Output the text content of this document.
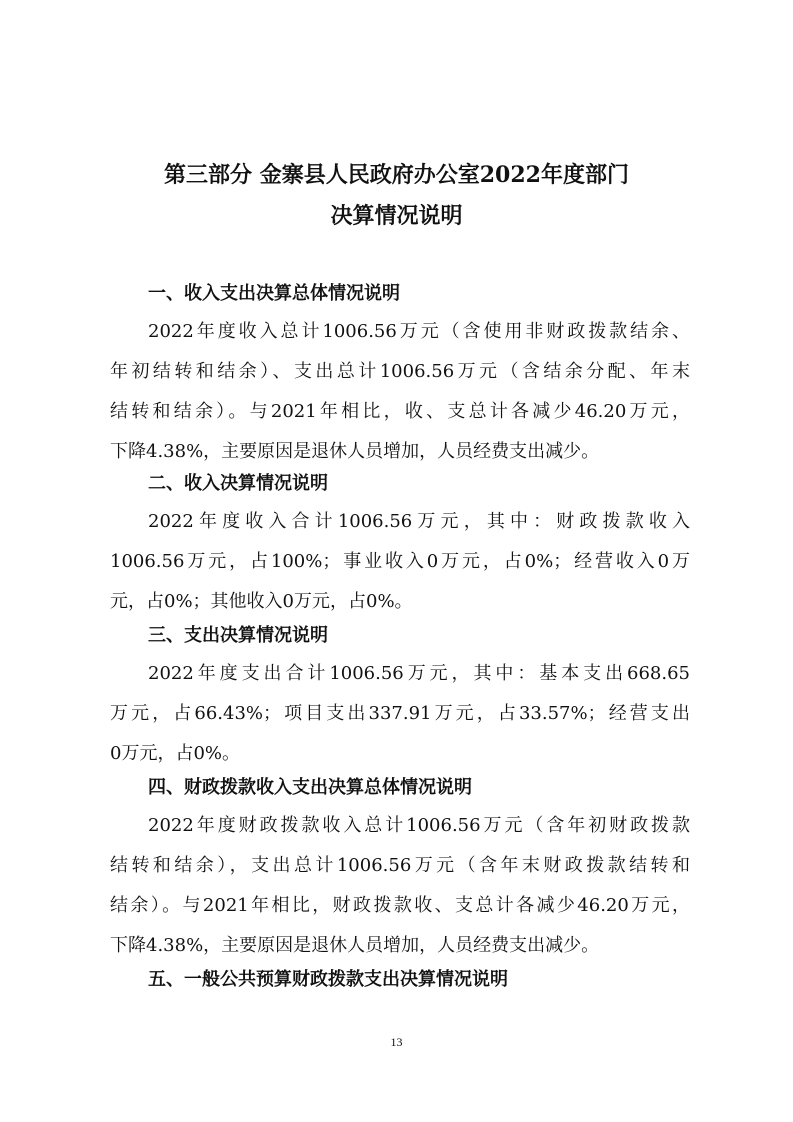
第三部分 金寨县人民政府办公室2022年度部门
决算情况说明
一、收入支出决算总体情况说明
2022年度收入总计1006.56万元（含使用非财政拨款结余、
年初结转和结余）、支出总计1006.56万元（含结余分配、年末
结转和结余）。与2021年相比，收、支总计各减少46.20万元，
下降4.38%，主要原因是退休人员增加，人员经费支出减少。
二、收入决算情况说明
2022年度收入合计1006.56万元，其中：财政拨款收入
1006.56万元，占100%；事业收入0万元，占0%；经营收入0万
元，占0%；其他收入0万元，占0%。
三、支出决算情况说明
2022年度支出合计1006.56万元，其中：基本支出668.65
万元，占66.43%；项目支出337.91万元，占33.57%；经营支出
0万元，占0%。
四、财政拨款收入支出决算总体情况说明
2022年度财政拨款收入总计1006.56万元（含年初财政拨款
结转和结余），支出总计1006.56万元（含年末财政拨款结转和
结余）。与2021年相比，财政拨款收、支总计各减少46.20万元，
下降4.38%，主要原因是退休人员增加，人员经费支出减少。
五、一般公共预算财政拨款支出决算情况说明
13
